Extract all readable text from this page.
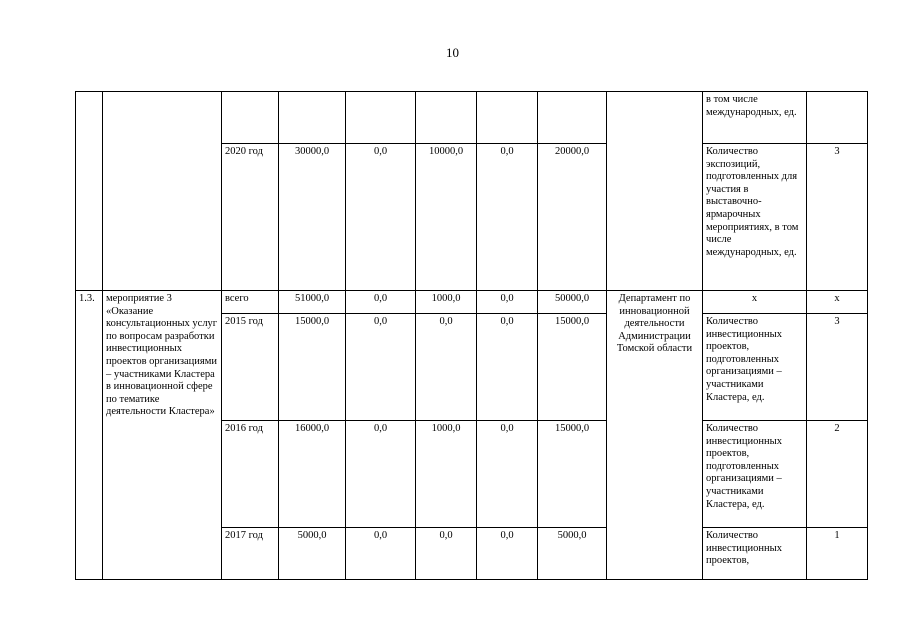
10
									в том числе международных, ед.	
		2020 год	30000,0	0,0	10000,0	0,0	20000,0		Количество экспозиций, подготовленных для участия в выставочно-ярмарочных мероприятиях, в том числе международных, ед.	3
1.3.	мероприятие 3 «Оказание консультационных услуг по вопросам разработки инвестиционных проектов организациями – участниками Кластера в инновационной сфере по тематике деятельности Кластера»	всего	51000,0	0,0	1000,0	0,0	50000,0	Департамент по инновационной деятельности Администрации Томской области	х	х
		2015 год	15000,0	0,0	0,0	0,0	15000,0		Количество инвестиционных проектов, подготовленных организациями – участниками Кластера, ед.	3
		2016 год	16000,0	0,0	1000,0	0,0	15000,0		Количество инвестиционных проектов, подготовленных организациями – участниками Кластера, ед.	2
		2017 год	5000,0	0,0	0,0	0,0	5000,0		Количество инвестиционных проектов,	1
